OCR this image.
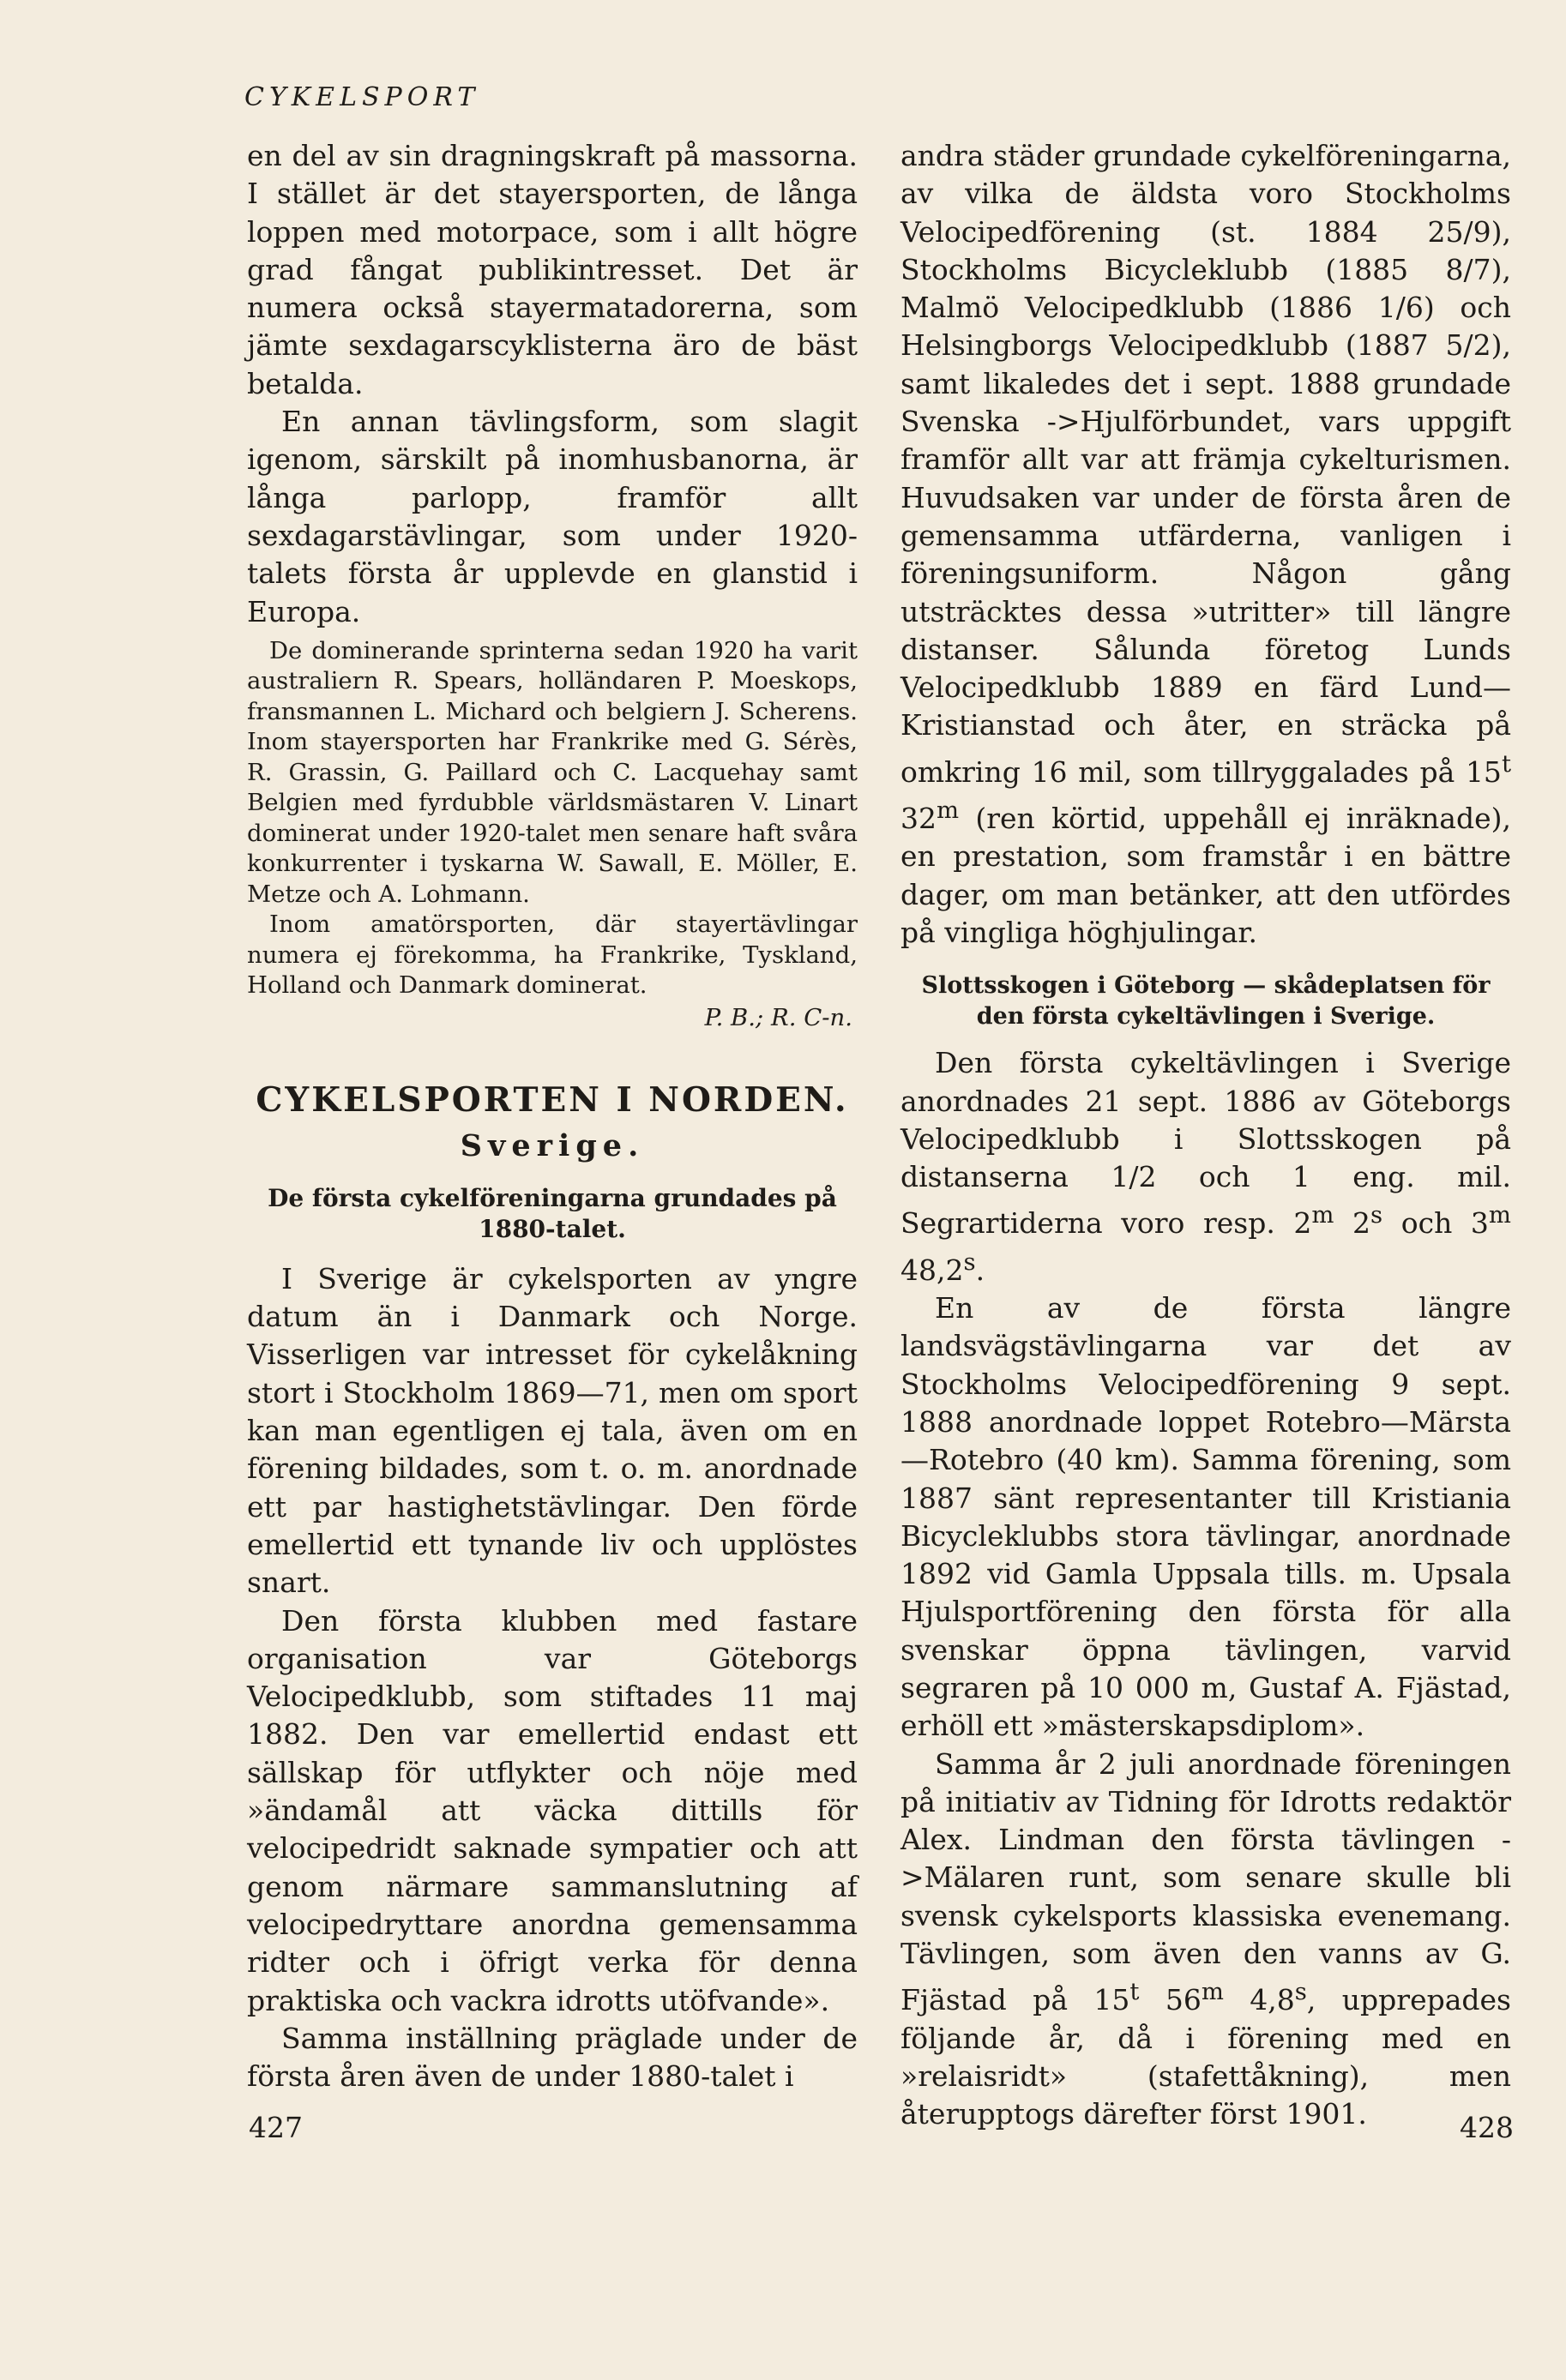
CYKELSPORT

en del av sin dragningskraft på massorna. I stället är det stayersporten, de långa loppen med motorpace, som i allt högre grad fångat publikintresset. Det är numera också stayermatadorerna, som jämte sexdagarscyklisterna äro de bäst betalda.

En annan tävlingsform, som slagit igenom, särskilt på inomhusbanorna, är långa parlopp, framför allt sexdagarstävlingar, som under 1920-talets första år upplevde en glanstid i Europa.

De dominerande sprinterna sedan 1920 ha varit australiern R. Spears, holländaren P. Moeskops, fransmannen L. Michard och belgiern J. Scherens. Inom stayersporten har Frankrike med G. Sérès, R. Grassin, G. Paillard och C. Lacquehay samt Belgien med fyrdubble världsmästaren V. Linart dominerat under 1920-talet men senare haft svåra konkurrenter i tyskarna W. Sawall, E. Möller, E. Metze och A. Lohmann.

Inom amatörsporten, där stayertävlingar numera ej förekomma, ha Frankrike, Tyskland, Holland och Danmark dominerat.

P. B.; R. C-n.
CYKELSPORTEN I NORDEN.
Sverige.
De första cykelföreningarna grundades på 1880-talet.

I Sverige är cykelsporten av yngre datum än i Danmark och Norge. Visserligen var intresset för cykelåkning stort i Stockholm 1869—71, men om sport kan man egentligen ej tala, även om en förening bildades, som t. o. m. anordnade ett par hastighetstävlingar. Den förde emellertid ett tynande liv och upplöstes snart.

Den första klubben med fastare organisation var Göteborgs Velocipedklubb, som stiftades 11 maj 1882. Den var emellertid endast ett sällskap för utflykter och nöje med »ändamål att väcka dittills för velocipedridt saknade sympatier och att genom närmare sammanslutning af velocipedryttare anordna gemensamma ridter och i öfrigt verka för denna praktiska och vackra idrotts utöfvande».

Samma inställning präglade under de första åren även de under 1880-talet i

andra städer grundade cykelföreningarna, av vilka de äldsta voro Stockholms Velocipedförening (st. 1884 25/9), Stockholms Bicycleklubb (1885 8/7), Malmö Velocipedklubb (1886 1/6) och Helsingborgs Velocipedklubb (1887 5/2), samt likaledes det i sept. 1888 grundade Svenska ->Hjulförbundet, vars uppgift framför allt var att främja cykelturismen. Huvudsaken var under de första åren de gemensamma utfärderna, vanligen i föreningsuniform. Någon gång utsträcktes dessa »utritter» till längre distanser. Sålunda företog Lunds Velocipedklubb 1889 en färd Lund—Kristianstad och åter, en sträcka på omkring 16 mil, som tillryggalades på 15$^t$ 32$^m$ (ren körtid, uppehåll ej inräknade), en prestation, som framstår i en bättre dager, om man betänker, att den utfördes på vingliga höghjulingar.

Slottsskogen i Göteborg — skådeplatsen för den första cykeltävlingen i Sverige.

Den första cykeltävlingen i Sverige anordnades 21 sept. 1886 av Göteborgs Velocipedklubb i Slottsskogen på distanserna 1/2 och 1 eng. mil. Segrartiderna voro resp. 2$^m$ 2$^s$ och 3$^m$ 48,2$^s$.

En av de första längre landsvägstävlingarna var det av Stockholms Velocipedförening 9 sept. 1888 anordnade loppet Rotebro—Märsta—Rotebro (40 km). Samma förening, som 1887 sänt representanter till Kristiania Bicycleklubbs stora tävlingar, anordnade 1892 vid Gamla Uppsala tills. m. Upsala Hjulsportförening den första för alla svenskar öppna tävlingen, varvid segraren på 10 000 m, Gustaf A. Fjästad, erhöll ett »mästerskapsdiplom».

Samma år 2 juli anordnade föreningen på initiativ av Tidning för Idrotts redaktör Alex. Lindman den första tävlingen ->Mälaren runt, som senare skulle bli svensk cykelsports klassiska evenemang. Tävlingen, som även den vanns av G. Fjästad på 15$^t$ 56$^m$ 4,8$^s$, upprepades följande år, då i förening med en »relaisridt» (stafettåkning), men återupptogs därefter först 1901.

427	428
